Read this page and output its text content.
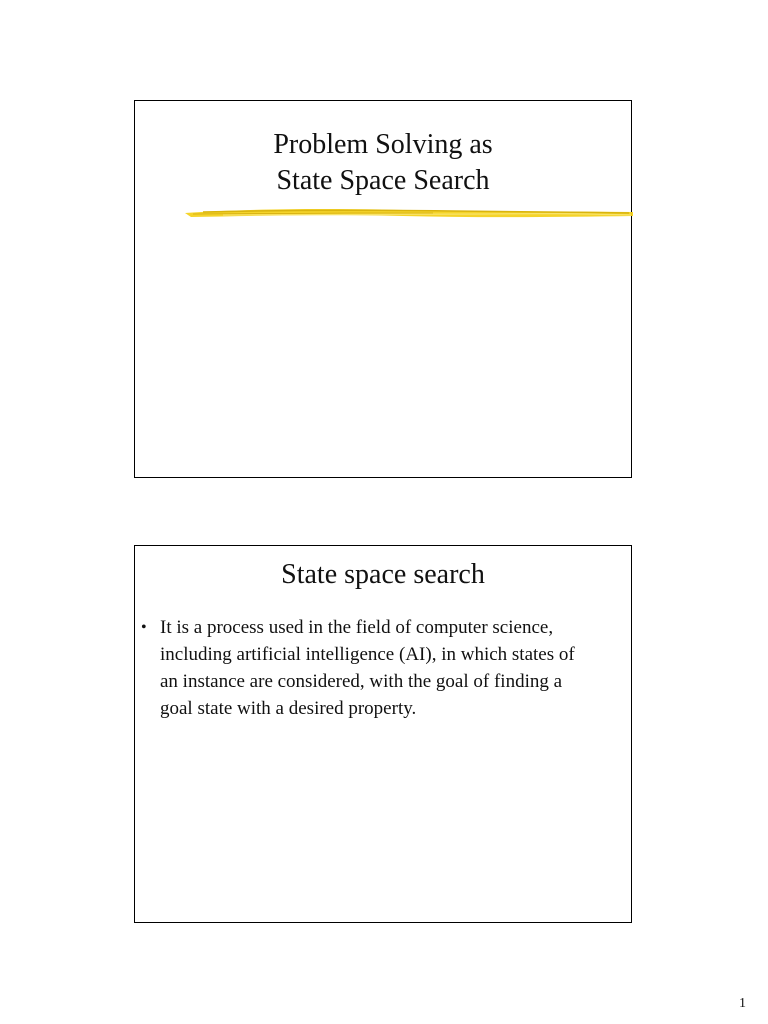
Problem Solving as
State Space Search
State space search
• It is a process used in the field of computer science, including artificial intelligence (AI), in which states of an instance are considered, with the goal of finding a goal state with a desired property.
1
